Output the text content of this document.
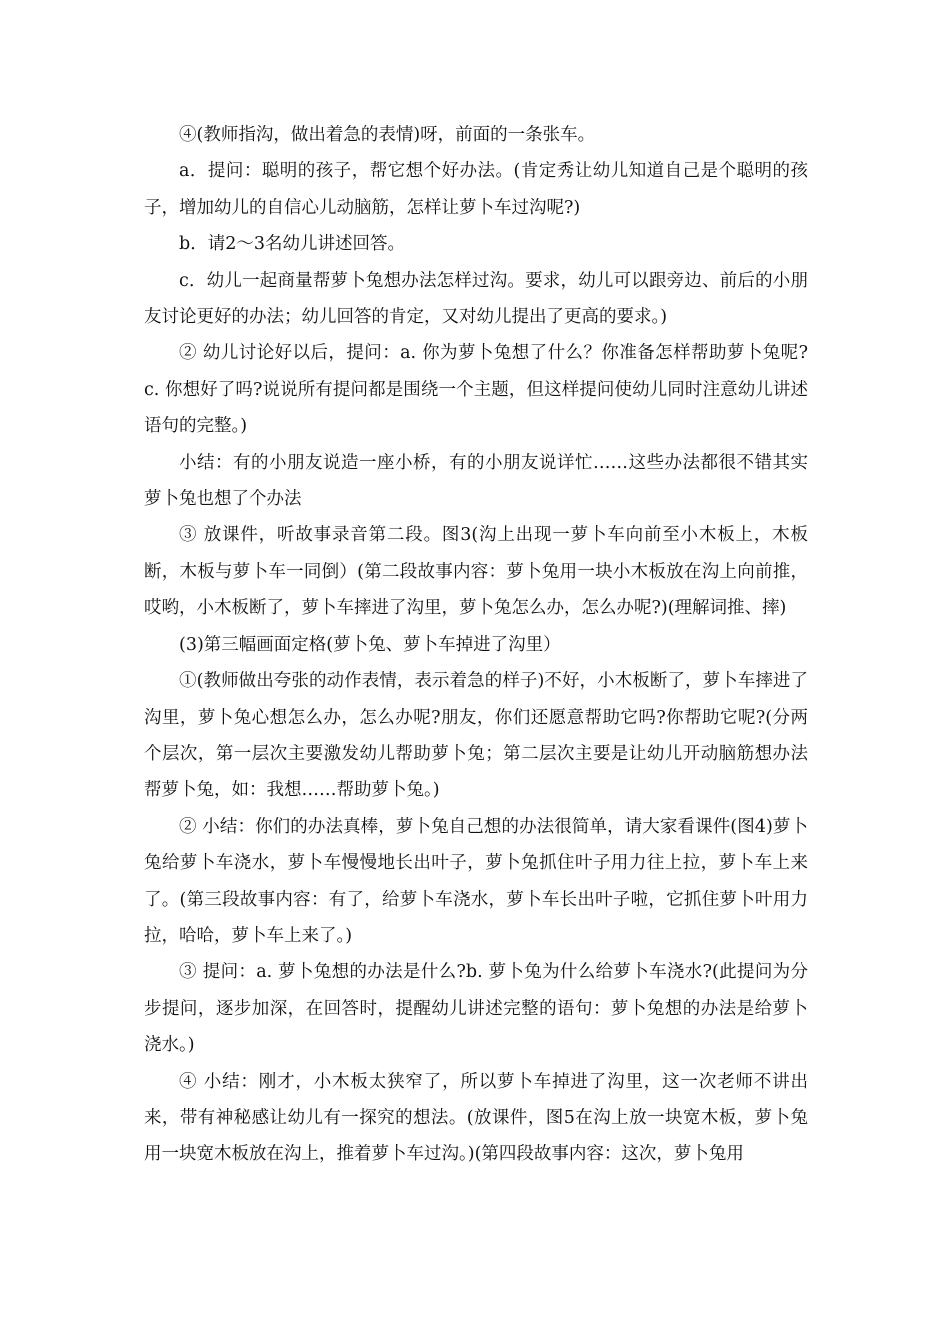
④(教师指沟，做出着急的表情)呀，前面的一条张车。

a．提问：聪明的孩子，帮它想个好办法。(肯定秀让幼儿知道自己是个聪明的孩子，增加幼儿的自信心儿动脑筋，怎样让萝卜车过沟呢?)

b．请2～3名幼儿讲述回答。

c．幼儿一起商量帮萝卜兔想办法怎样过沟。要求，幼儿可以跟旁边、前后的小朋友讨论更好的办法；幼儿回答的肯定，又对幼儿提出了更高的要求。)

② 幼儿讨论好以后，提问：a. 你为萝卜兔想了什么？你准备怎样帮助萝卜兔呢?c. 你想好了吗?说说所有提问都是围绕一个主题，但这样提问使幼儿同时注意幼儿讲述语句的完整。)

小结：有的小朋友说造一座小桥，有的小朋友说详忙……这些办法都很不错其实萝卜兔也想了个办法

③ 放课件，听故事录音第二段。图3(沟上出现一萝卜车向前至小木板上，木板断，木板与萝卜车一同倒）(第二段故事内容：萝卜兔用一块小木板放在沟上向前推，哎哟，小木板断了，萝卜车摔进了沟里，萝卜兔怎么办，怎么办呢?)(理解词推、摔)

(3)第三幅画面定格(萝卜兔、萝卜车掉进了沟里）

①(教师做出夸张的动作表情，表示着急的样子)不好，小木板断了，萝卜车摔进了沟里，萝卜兔心想怎么办，怎么办呢?朋友，你们还愿意帮助它吗?你帮助它呢?(分两个层次，第一层次主要激发幼儿帮助萝卜兔；第二层次主要是让幼儿开动脑筋想办法帮萝卜兔，如：我想……帮助萝卜兔。)

② 小结：你们的办法真棒，萝卜兔自己想的办法很简单，请大家看课件(图4)萝卜兔给萝卜车浇水，萝卜车慢慢地长出叶子，萝卜兔抓住叶子用力往上拉，萝卜车上来了。(第三段故事内容：有了，给萝卜车浇水，萝卜车长出叶子啦，它抓住萝卜叶用力拉，哈哈，萝卜车上来了。)

③ 提问：a. 萝卜兔想的办法是什么?b. 萝卜兔为什么给萝卜车浇水?(此提问为分步提问，逐步加深，在回答时，提醒幼儿讲述完整的语句：萝卜兔想的办法是给萝卜浇水。)

④ 小结：刚才，小木板太狭窄了，所以萝卜车掉进了沟里，这一次老师不讲出来，带有神秘感让幼儿有一探究的想法。(放课件，图5在沟上放一块宽木板，萝卜兔用一块宽木板放在沟上，推着萝卜车过沟。)(第四段故事内容：这次，萝卜兔用
